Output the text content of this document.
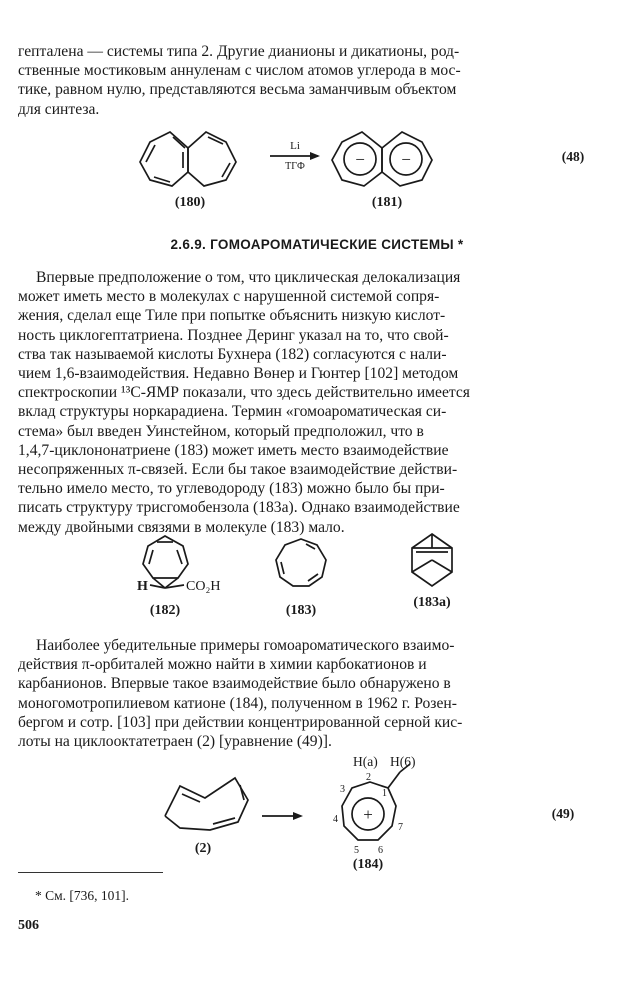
гепталена — системы типа 2. Другие дианионы и дикатионы, род-
ственные мостиковым аннуленам с числом атомов углерода в мос-
тике, равном нулю, представляются весьма заманчивым объектом
для синтеза.
Li
ТГФ	− −
(180)	(181)
(48)
2.6.9. ГОМОАРОМАТИЧЕСКИЕ СИСТЕМЫ *
Впервые предположение о том, что циклическая делокализация
может иметь место в молекулах с нарушенной системой сопря-
жения, сделал еще Тиле при попытке объяснить низкую кислот-
ность циклогептатриена. Позднее Деринг указал на то, что свой-
ства так называемой кислоты Бухнера (182) согласуются с нали-
чием 1,6-взаимодействия. Недавно Вөнер и Гюнтер [102] методом
спектроскопии ¹³С-ЯМР показали, что здесь действительно имеется
вклад структуры норкарадиена. Термин «гомоароматическая си-
стема» был введен Уинстейном, который предположил, что в
1,4,7-циклононатриене (183) может иметь место взаимодействие
несопряженных π-связей. Если бы такое взаимодействие действи-
тельно имело место, то углеводороду (183) можно было бы при-
писать структуру трисгомобензола (183а). Однако взаимодействие
между двойными связями в молекуле (183) мало.
H	CO₂H
(182)	(183)
(183а)
Наиболее убедительные примеры гомоароматического взаимо-
действия π-орбиталей можно найти в химии карбокатионов и
карбанионов. Впервые такое взаимодействие было обнаружено в
моногомотропилиевом катионе (184), полученном в 1962 г. Розен-
бергом и сотр. [103] при действии концентрированной серной кис-
лоты на циклооктатетраен (2) [уравнение (49)].
(2)
+
H(a) H(6)
1
2
3
4
5 6
7
(184)
(49)
* См. [736, 101].
506
